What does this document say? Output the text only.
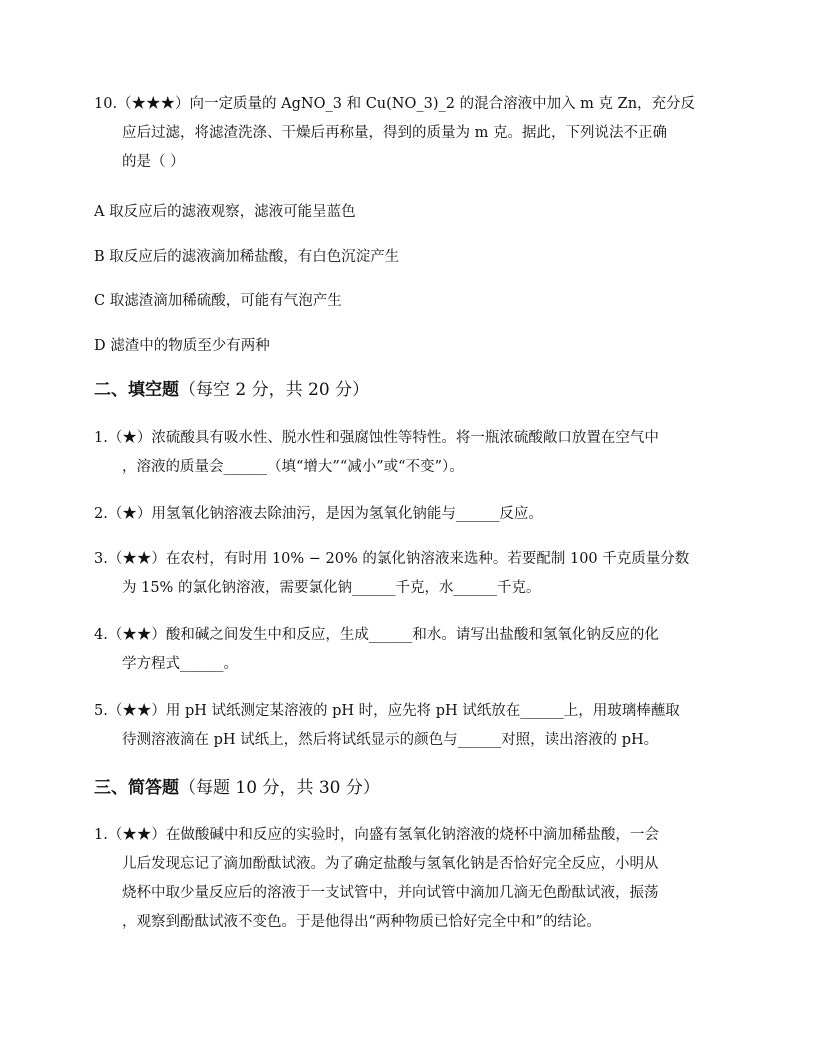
10.（★★★）向一定质量的 AgNO_3 和 Cu(NO_3)_2 的混合溶液中加入 m 克 Zn，充分反
应后过滤，将滤渣洗涤、干燥后再称量，得到的质量为 m 克。据此，下列说法不正确
的是（ ）
A 取反应后的滤液观察，滤液可能呈蓝色
B 取反应后的滤液滴加稀盐酸，有白色沉淀产生
C 取滤渣滴加稀硫酸，可能有气泡产生
D 滤渣中的物质至少有两种
二、填空题（每空 2 分，共 20 分）
1.（★）浓硫酸具有吸水性、脱水性和强腐蚀性等特性。将一瓶浓硫酸敞口放置在空气中
，溶液的质量会______（填“增大”“减小”或“不变”）。
2.（★）用氢氧化钠溶液去除油污，是因为氢氧化钠能与______反应。
3.（★★）在农村，有时用 10% − 20% 的氯化钠溶液来选种。若要配制 100 千克质量分数
为 15% 的氯化钠溶液，需要氯化钠______千克，水______千克。
4.（★★）酸和碱之间发生中和反应，生成______和水。请写出盐酸和氢氧化钠反应的化
学方程式______。
5.（★★）用 pH 试纸测定某溶液的 pH 时，应先将 pH 试纸放在______上，用玻璃棒蘸取
待测溶液滴在 pH 试纸上，然后将试纸显示的颜色与______对照，读出溶液的 pH。
三、简答题（每题 10 分，共 30 分）
1.（★★）在做酸碱中和反应的实验时，向盛有氢氧化钠溶液的烧杯中滴加稀盐酸，一会
儿后发现忘记了滴加酚酞试液。为了确定盐酸与氢氧化钠是否恰好完全反应，小明从
烧杯中取少量反应后的溶液于一支试管中，并向试管中滴加几滴无色酚酞试液，振荡
，观察到酚酞试液不变色。于是他得出“两种物质已恰好完全中和”的结论。
